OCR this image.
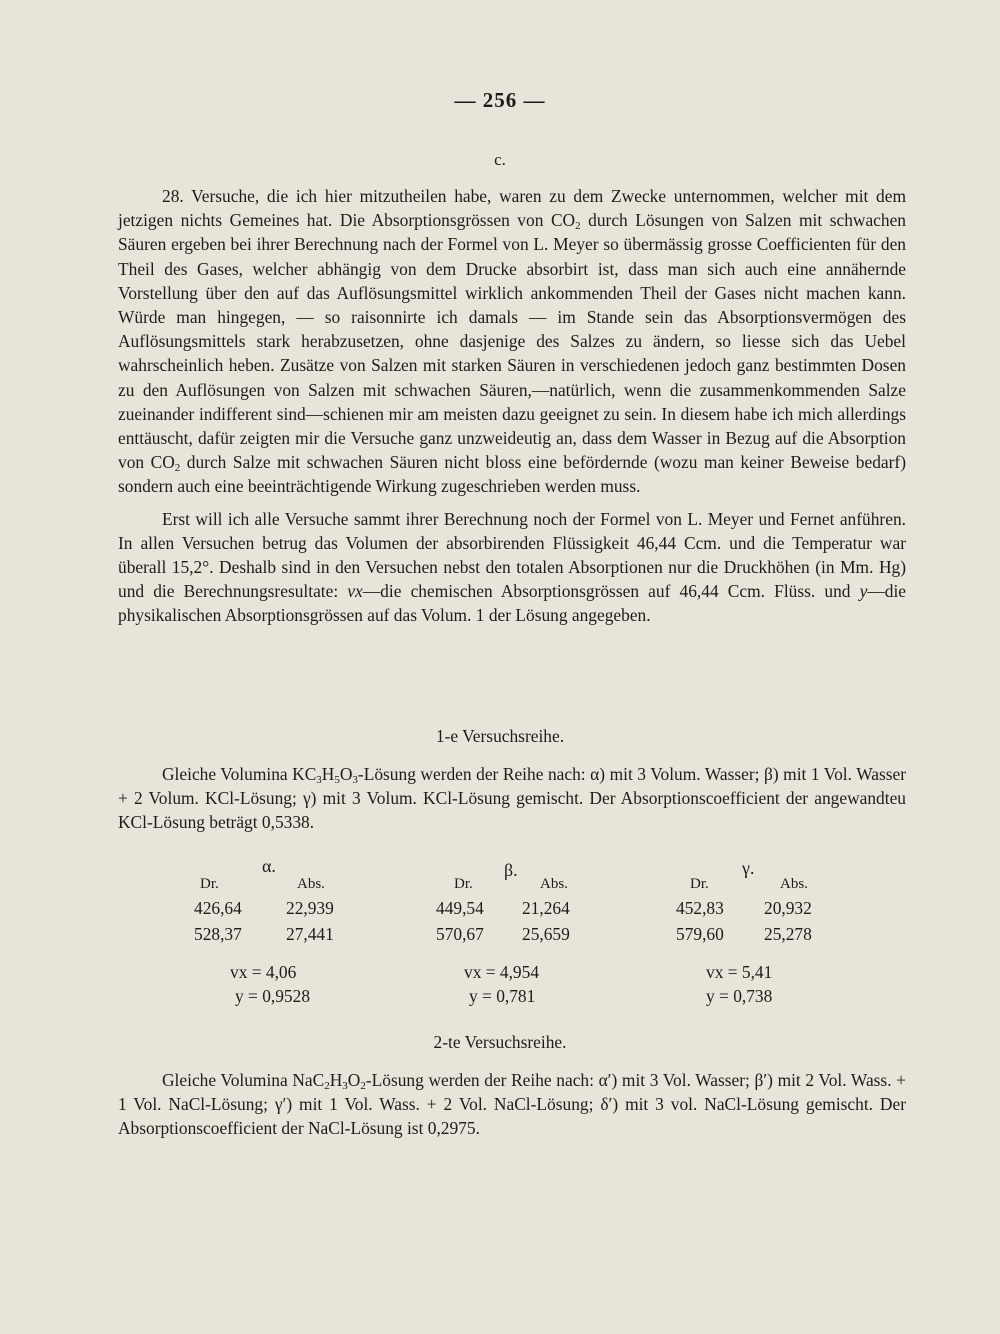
— 256 —
c.

28. Versuche, die ich hier mitzutheilen habe, waren zu dem Zwecke unternommen, welcher mit dem jetzigen nichts Gemeines hat. Die Absorptionsgrössen von $CO_2$ durch Lösungen von Salzen mit schwachen Säuren ergeben bei ihrer Berechnung nach der Formel von L. Meyer so übermässig grosse Coefficienten für den Theil des Gases, welcher abhängig von dem Drucke absorbirt ist, dass man sich auch eine annähernde Vorstellung über den auf das Auflösungsmittel wirklich ankommenden Theil der Gases nicht machen kann. Würde man hingegen, — so raisonnirte ich damals — im Stande sein das Absorptionsvermögen des Auflösungsmittels stark herabzusetzen, ohne dasjenige des Salzes zu ändern, so liesse sich das Uebel wahrscheinlich heben. Zusätze von Salzen mit starken Säuren in verschiedenen jedoch ganz bestimmten Dosen zu den Auflösungen von Salzen mit schwachen Säuren,—natürlich, wenn die zusammenkommenden Salze zueinander indifferent sind—schienen mir am meisten dazu geeignet zu sein. In diesem habe ich mich allerdings enttäuscht, dafür zeigten mir die Versuche ganz unzweideutig an, dass dem Wasser in Bezug auf die Absorption von $CO_2$ durch Salze mit schwachen Säuren nicht bloss eine befördernde (wozu man keiner Beweise bedarf) sondern auch eine beeinträchtigende Wirkung zugeschrieben werden muss.

Erst will ich alle Versuche sammt ihrer Berechnung noch der Formel von L. Meyer und Fernet anführen. In allen Versuchen betrug das Volumen der absorbirenden Flüssigkeit 46,44 Ccm. und die Temperatur war überall 15,2°. Deshalb sind in den Versuchen nebst den totalen Absorptionen nur die Druckhöhen (in Mm. Hg) und die Berechnungsresultate: vx—die chemischen Absorptionsgrössen auf 46,44 Ccm. Flüss. und y—die physikalischen Absorptionsgrössen auf das Volum. 1 der Lösung angegeben.

1-e Versuchsreihe.

Gleiche Volumina $KC_3H_5O_3$-Lösung werden der Reihe nach: α) mit 3 Volum. Wasser; β) mit 1 Vol. Wasser + 2 Volum. KCl-Lösung; γ) mit 3 Volum. KCl-Lösung gemischt. Der Absorptionscoefficient der angewandteu KCl-Lösung beträgt 0,5338.

α.
Dr.	Abs.
426,64	22,939
528,37	27,441
vx = 4,06
y = 0,9528
β.
Dr.	Abs.
449,54 21,264
570,67 25,659
vx = 4,954
y = 0,781
γ.
Dr.	Abs.
452,83 20,932
579,60 25,278
vx = 5,41
y = 0,738
2-te Versuchsreihe.

Gleiche Volumina $NaC_2H_3O_2$-Lösung werden der Reihe nach: α′) mit 3 Vol. Wasser; β′) mit 2 Vol. Wass. + 1 Vol. NaCl-Lösung; γ′) mit 1 Vol. Wass. + 2 Vol. NaCl-Lösung; δ′) mit 3 vol. NaCl-Lösung gemischt. Der Absorptionscoefficient der NaCl-Lösung ist 0,2975.
